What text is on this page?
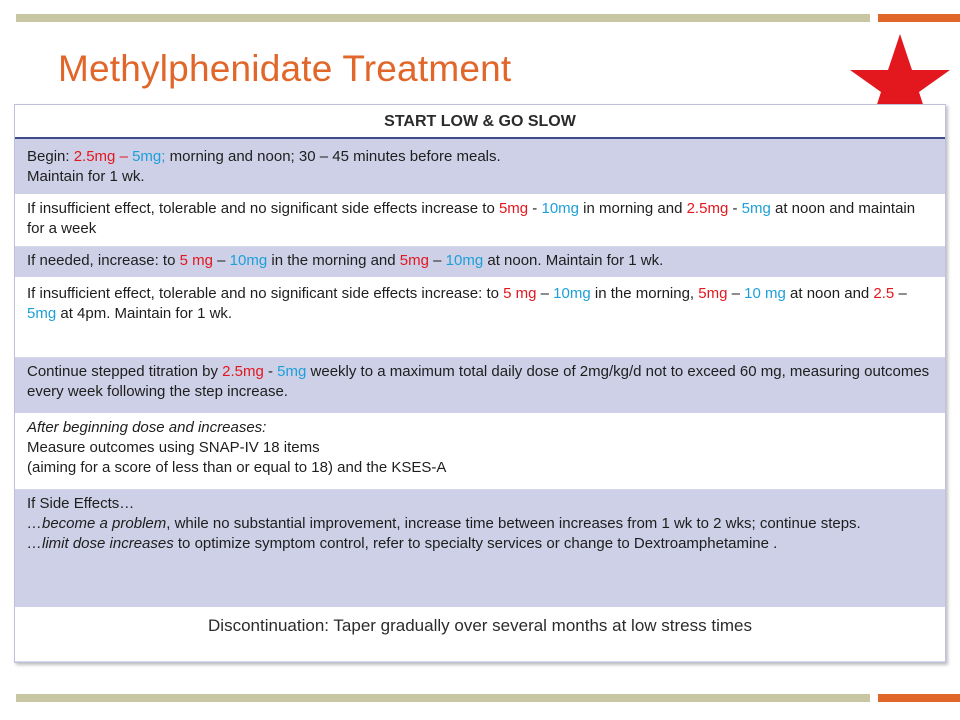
Methylphenidate Treatment
START LOW & GO SLOW
Begin: 2.5mg – 5mg; morning and noon; 30 – 45 minutes before meals.
Maintain for 1 wk.
If insufficient effect, tolerable and no significant side effects increase to 5mg - 10mg in morning and 2.5mg - 5mg at noon and maintain for a week
If needed, increase: to 5 mg – 10mg in the morning and 5mg – 10mg at noon. Maintain for 1 wk.
If insufficient effect, tolerable and no significant side effects increase: to 5 mg – 10mg in the morning, 5mg – 10 mg at noon and 2.5 – 5mg at 4pm. Maintain for 1 wk.
Continue stepped titration by 2.5mg - 5mg weekly to a maximum total daily dose of 2mg/kg/d not to exceed 60 mg, measuring outcomes every week following the step increase.
After beginning dose and increases:
Measure outcomes using SNAP-IV 18 items
(aiming for a score of less than or equal to 18) and the KSES-A
If Side Effects…
…become a problem, while no substantial improvement, increase time between increases from 1 wk to 2 wks; continue steps.
…limit dose increases to optimize symptom control, refer to specialty services or change to Dextroamphetamine .
Discontinuation: Taper gradually over several months at low stress times
